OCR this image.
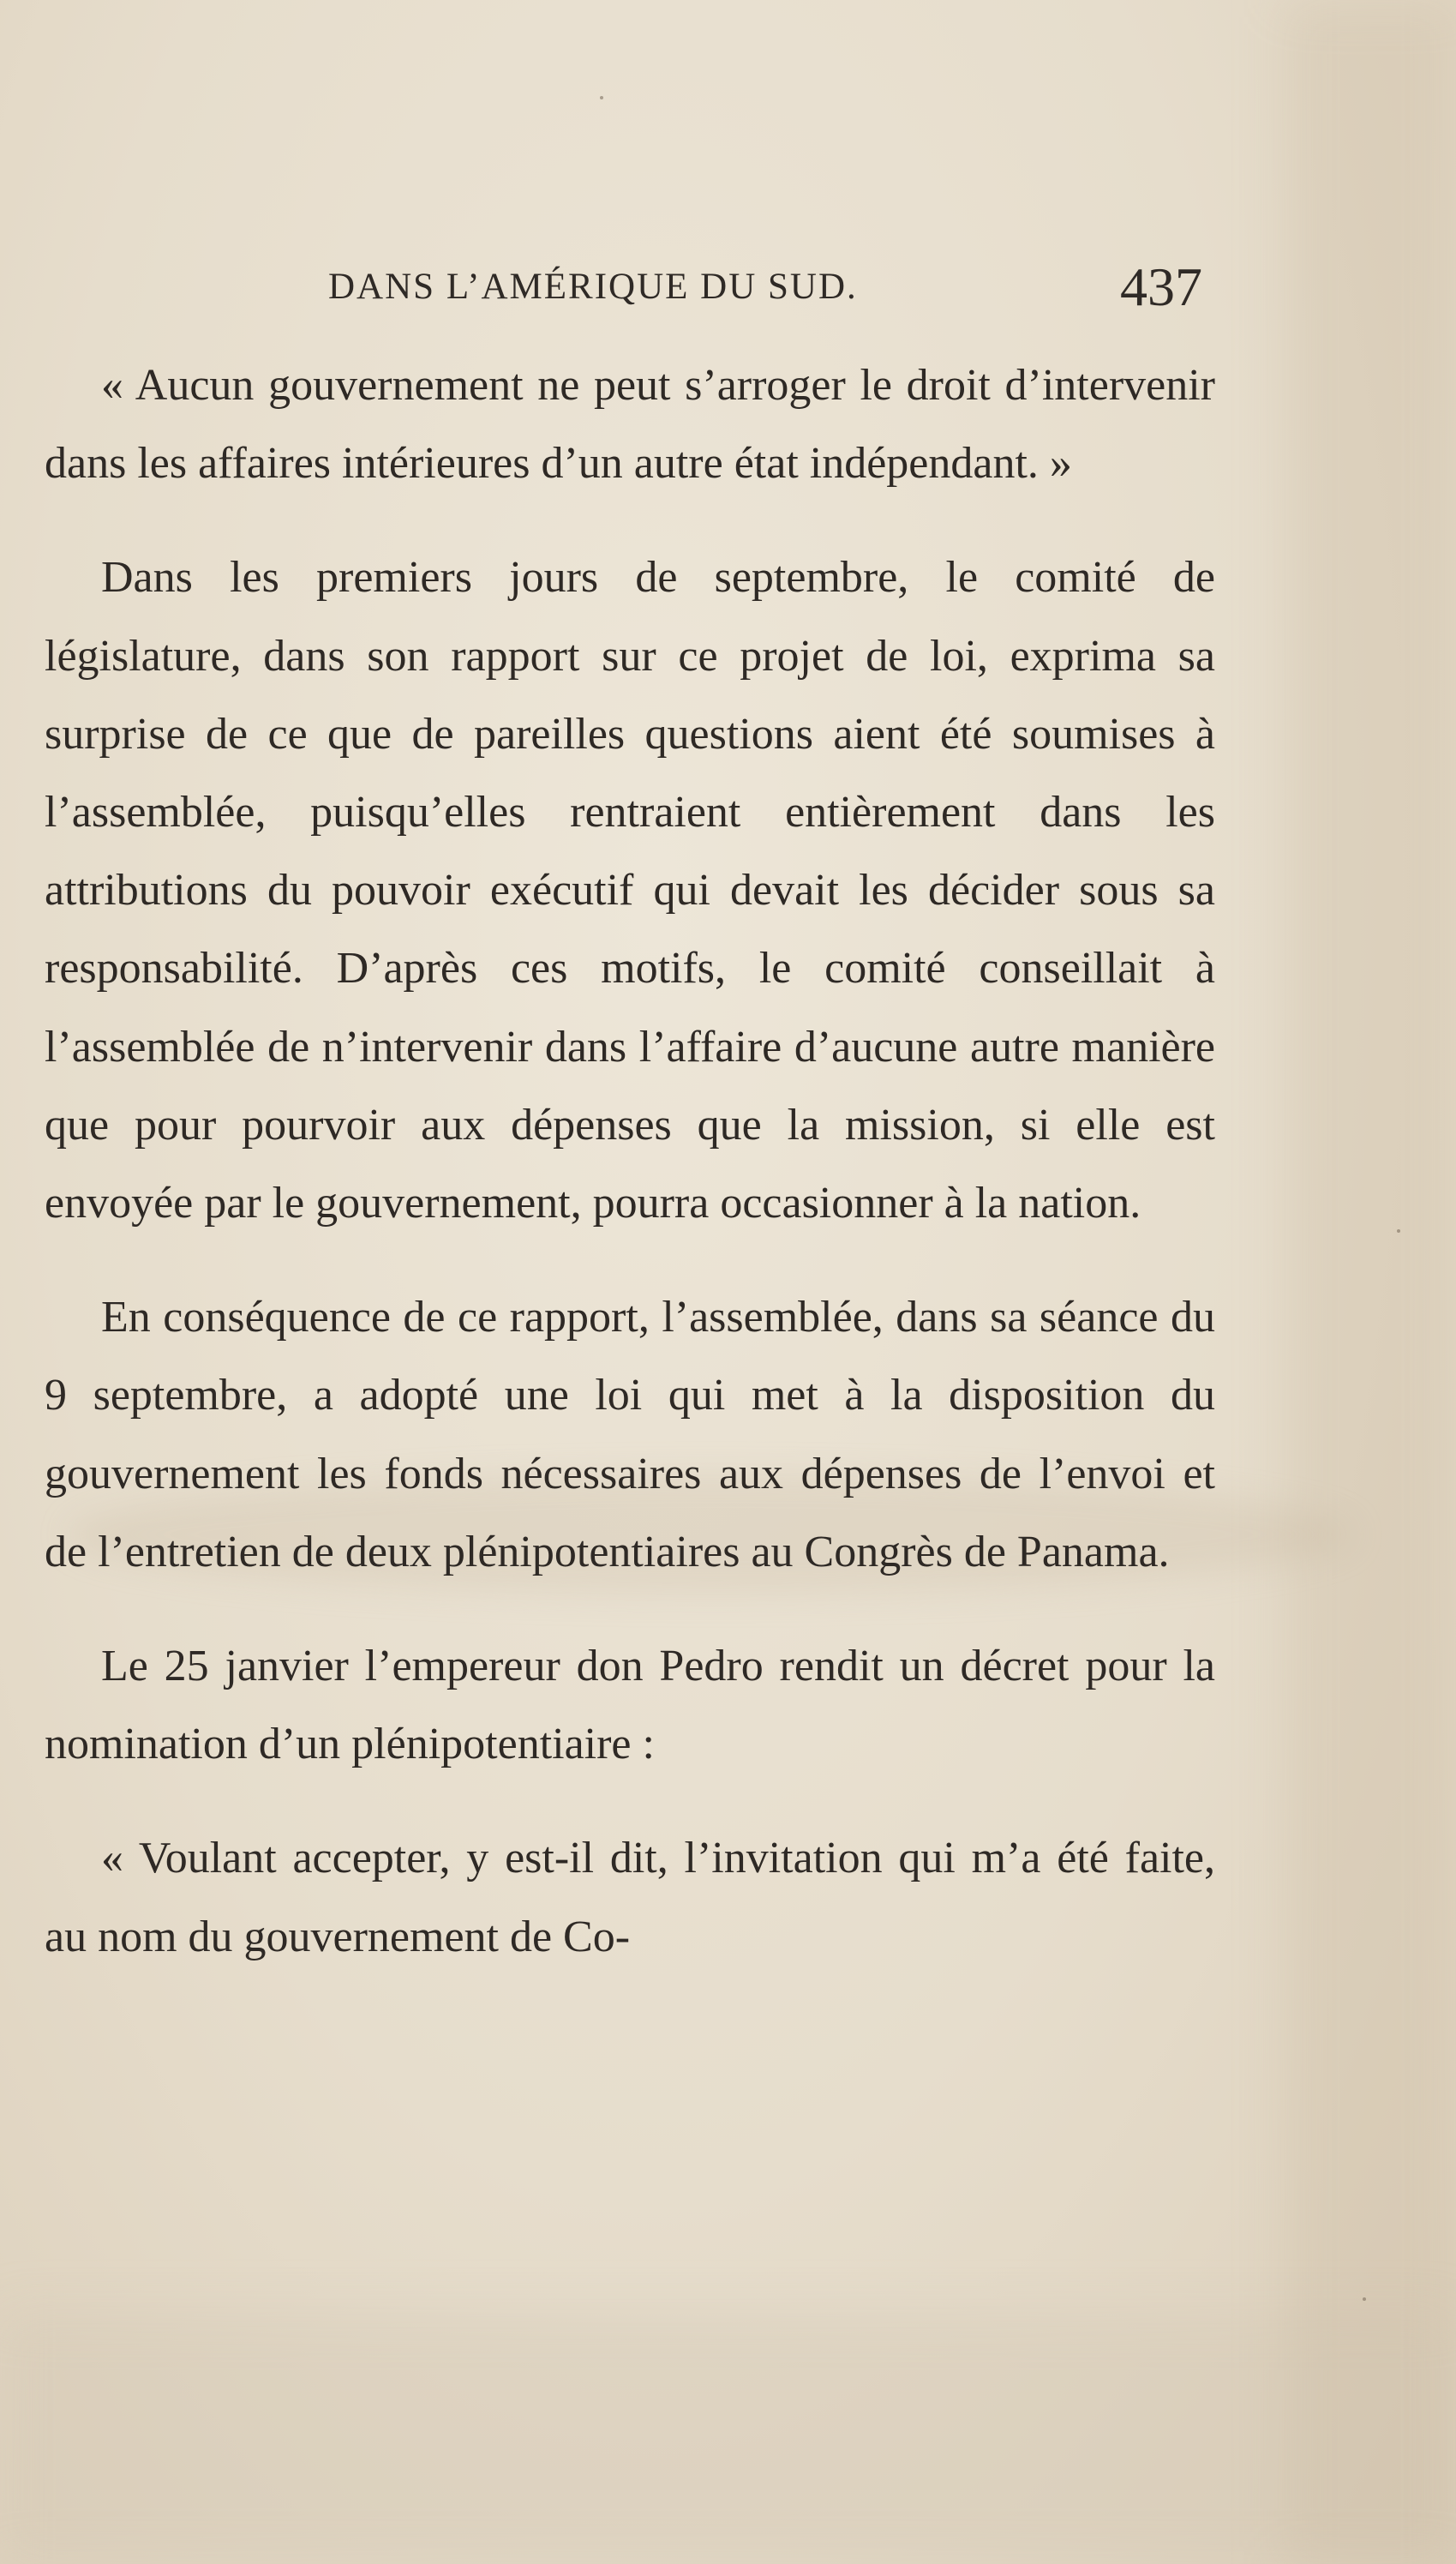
DANS L’AMÉRIQUE DU SUD.	437

« Aucun gouvernement ne peut s’arroger le droit d’intervenir dans les affaires intérieures d’un autre état indépendant. »

Dans les premiers jours de septembre, le comité de législature, dans son rapport sur ce projet de loi, exprima sa surprise de ce que de pareilles questions aient été soumises à l’assemblée, puisqu’elles rentraient entièrement dans les attributions du pouvoir exécutif qui devait les décider sous sa responsabilité. D’après ces motifs, le comité conseillait à l’assemblée de n’intervenir dans l’affaire d’aucune autre manière que pour pourvoir aux dépenses que la mission, si elle est envoyée par le gouvernement, pourra occasionner à la nation.

En conséquence de ce rapport, l’assemblée, dans sa séance du 9 septembre, a adopté une loi qui met à la disposition du gouvernement les fonds nécessaires aux dépenses de l’envoi et de l’entretien de deux plénipotentiaires au Congrès de Panama.

Le 25 janvier l’empereur don Pedro rendit un décret pour la nomination d’un plénipotentiaire :

« Voulant accepter, y est-il dit, l’invitation qui m’a été faite, au nom du gouvernement de Co-
